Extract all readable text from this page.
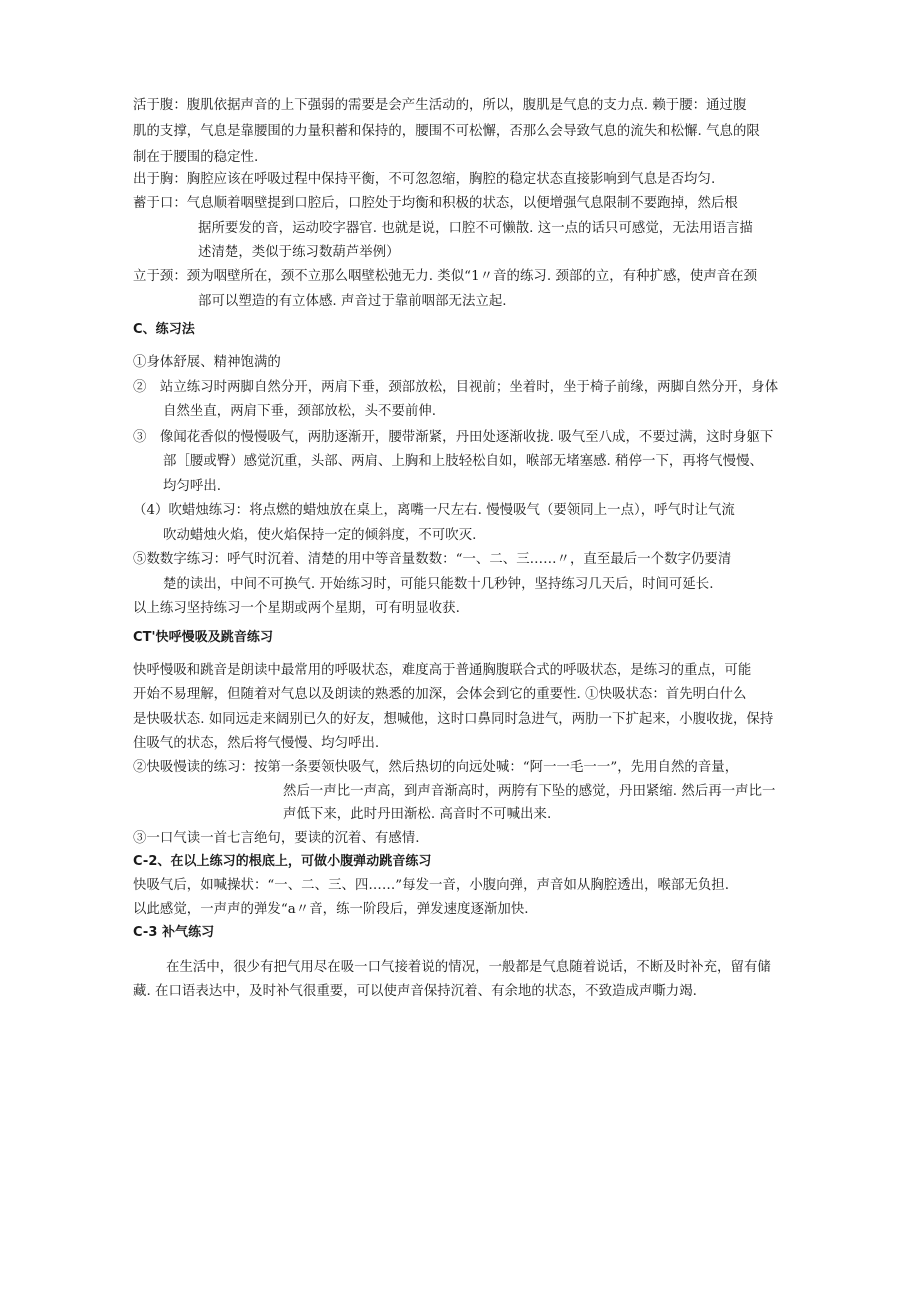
活于腹：腹肌依据声音的上下强弱的需要是会产生活动的，所以，腹肌是气息的支力点. 赖于腰：通过腹
肌的支撑，气息是靠腰围的力量积蓄和保持的，腰围不可松懈，否那么会导致气息的流失和松懈. 气息的限
制在于腰围的稳定性.
出于胸：胸腔应该在呼吸过程中保持平衡，不可忽忽缩，胸腔的稳定状态直接影响到气息是否均匀.
蓄于口：气息顺着咽壁提到口腔后，口腔处于均衡和积极的状态，以便增强气息限制不要跑掉，然后根
据所要发的音，运动咬字器官. 也就是说，口腔不可懒散. 这一点的话只可感觉，无法用语言描
述清楚，类似于练习数葫芦举例）
立于颈：颈为咽壁所在，颈不立那么咽壁松弛无力. 类似“1〃音的练习. 颈部的立，有种扩感，使声音在颈
部可以塑造的有立体感. 声音过于靠前咽部无法立起.
C、练习法
①身体舒展、精神饱满的
②　站立练习时两脚自然分开，两肩下垂，颈部放松，目视前；坐着时，坐于椅子前缘，两脚自然分开，身体
自然坐直，两肩下垂，颈部放松，头不要前伸.
③　像闻花香似的慢慢吸气，两肋逐渐开，腰带渐紧，丹田处逐渐收拢. 吸气至八成，不要过满，这时身躯下
部［腰或臀）感觉沉重，头部、两肩、上胸和上肢轻松自如，喉部无堵塞感. 稍停一下，再将气慢慢、
均匀呼出.
（4）吹蜡烛练习：将点燃的蜡烛放在桌上，离嘴一尺左右. 慢慢吸气（要领同上一点），呼气时让气流
吹动蜡烛火焰，使火焰保持一定的倾斜度，不可吹灭.
⑤数数字练习：呼气时沉着、清楚的用中等音量数数：“一、二、三……〃，直至最后一个数字仍要清
楚的读出，中间不可换气. 开始练习时，可能只能数十几秒钟，坚持练习几天后，时间可延长.
以上练习坚持练习一个星期或两个星期，可有明显收获.
CT'快呼慢吸及跳音练习
快呼慢吸和跳音是朗读中最常用的呼吸状态，难度高于普通胸腹联合式的呼吸状态，是练习的重点，可能
开始不易理解，但随着对气息以及朗读的熟悉的加深，会体会到它的重要性. ①快吸状态：首先明白什么
是快吸状态. 如同远走来阔别已久的好友，想喊他，这时口鼻同时急进气，两肋一下扩起来，小腹收拢，保持
住吸气的状态，然后将气慢慢、均匀呼出.
②快吸慢读的练习：按第一条要领快吸气，然后热切的向远处喊：“阿一一毛一一”，先用自然的音量，
然后一声比一声高，到声音渐高时，两胯有下坠的感觉，丹田紧缩. 然后再一声比一
声低下来，此时丹田渐松. 高音时不可喊出来.
③一口气读一首七言绝句，要读的沉着、有感情.
C-2、在以上练习的根底上，可做小腹弹动跳音练习
快吸气后，如喊操状：“一、二、三、四……”每发一音，小腹向弹，声音如从胸腔透出，喉部无负担.
以此感觉，一声声的弹发“a〃音，练一阶段后，弹发速度逐渐加快.
C-3 补气练习
在生活中，很少有把气用尽在吸一口气接着说的情况，一般都是气息随着说话，不断及时补充，留有储
藏. 在口语表达中，及时补气很重要，可以使声音保持沉着、有余地的状态，不致造成声嘶力竭.
